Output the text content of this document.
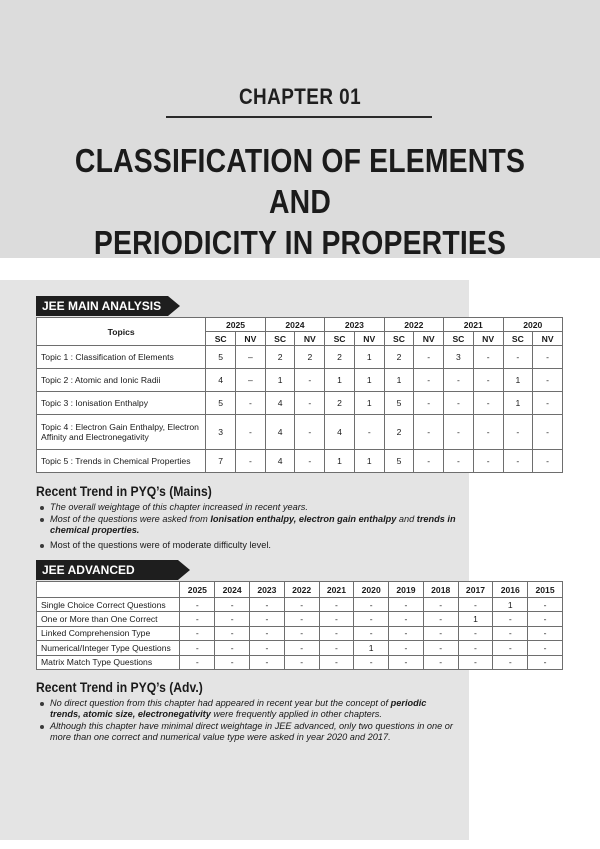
CHAPTER 01
CLASSIFICATION OF ELEMENTS AND
PERIODICITY IN PROPERTIES
JEE MAIN ANALYSIS
Topics	2025		2024		2023		2022		2021		2020	
	SC	NV	SC	NV	SC	NV	SC	NV	SC	NV	SC	NV
Topic 1 : Classification of Elements	5	–	2	2	2	1	2	-	3	-	-	-
Topic 2 : Atomic and Ionic Radii	4	–	1	-	1	1	1	-	-	-	1	-
Topic 3 : Ionisation Enthalpy	5	-	4	-	2	1	5	-	-	-	1	-
Topic 4 : Electron Gain Enthalpy, Electron Affinity and Electronegativity	3	-	4	-	4	-	2	-	-	-	-	-
Topic 5 : Trends in Chemical Properties	7	-	4	-	1	1	5	-	-	-	-	-
Recent Trend in PYQ’s (Mains)
The overall weightage of this chapter increased in recent years.
Most of the questions were asked from Ionisation enthalpy, electron gain enthalpy and trends in chemical properties.
Most of the questions were of moderate difficulty level.
JEE ADVANCED
	2025	2024	2023	2022	2021	2020	2019	2018	2017	2016	2015
Single Choice Correct Questions	-	-	-	-	-	-	-	-	-	1	-
One or More than One Correct	-	-	-	-	-	-	-	-	1	-	-
Linked Comprehension Type	-	-	-	-	-	-	-	-	-	-	-
Numerical/Integer Type Questions	-	-	-	-	-	1	-	-	-	-	-
Matrix Match Type Questions	-	-	-	-	-	-	-	-	-	-	-
Recent Trend in PYQ’s (Adv.)
No direct question from this chapter had appeared in recent year but the concept of periodic trends, atomic size, electronegativity were frequently applied in other chapters.
Although this chapter have minimal direct weightage in JEE advanced, only two questions in one or more than one correct and numerical value type were asked in year 2020 and 2017.
